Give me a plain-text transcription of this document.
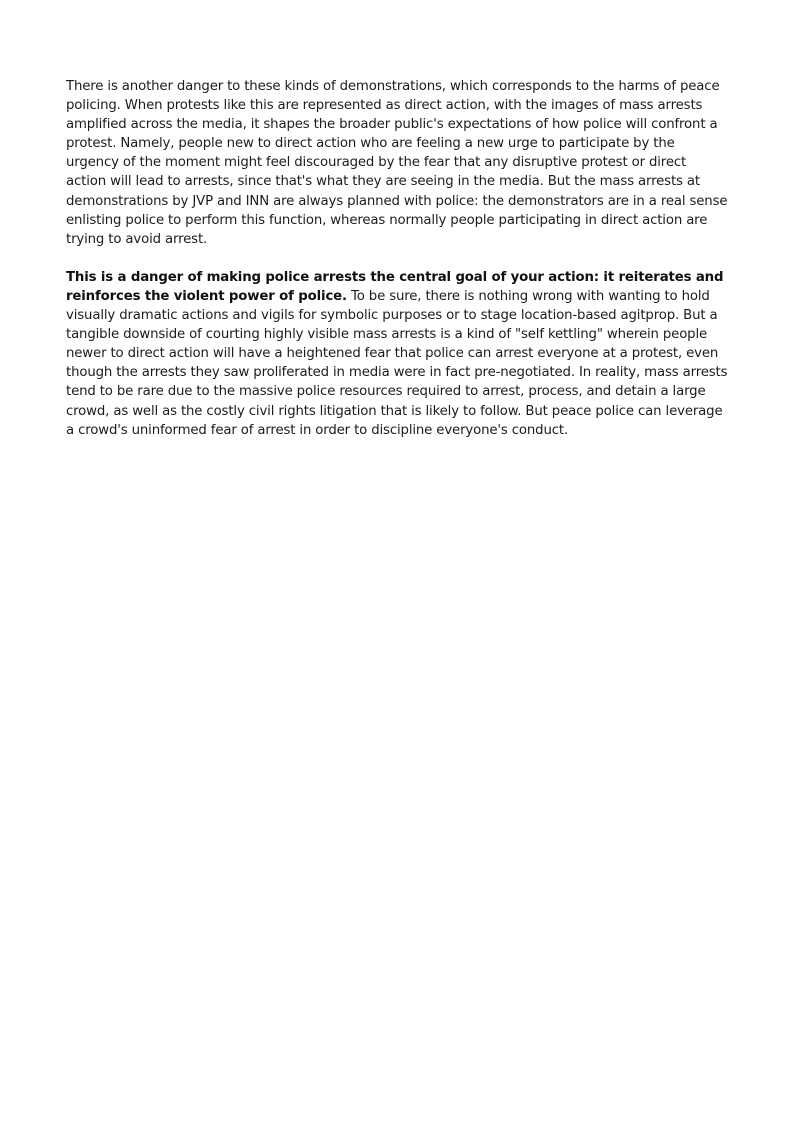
There is another danger to these kinds of demonstrations, which corresponds to the harms of peace policing. When protests like this are represented as direct action, with the images of mass arrests amplified across the media, it shapes the broader public's expectations of how police will confront a protest. Namely, people new to direct action who are feeling a new urge to participate by the urgency of the moment might feel discouraged by the fear that any disruptive protest or direct action will lead to arrests, since that's what they are seeing in the media. But the mass arrests at demonstrations by JVP and INN are always planned with police: the demonstrators are in a real sense enlisting police to perform this function, whereas normally people participating in direct action are trying to avoid arrest.

This is a danger of making police arrests the central goal of your action: it reiterates and reinforces the violent power of police. To be sure, there is nothing wrong with wanting to hold visually dramatic actions and vigils for symbolic purposes or to stage location-based agitprop. But a tangible downside of courting highly visible mass arrests is a kind of "self kettling" wherein people newer to direct action will have a heightened fear that police can arrest everyone at a protest, even though the arrests they saw proliferated in media were in fact pre-negotiated. In reality, mass arrests tend to be rare due to the massive police resources required to arrest, process, and detain a large crowd, as well as the costly civil rights litigation that is likely to follow. But peace police can leverage a crowd's uninformed fear of arrest in order to discipline everyone's conduct.
